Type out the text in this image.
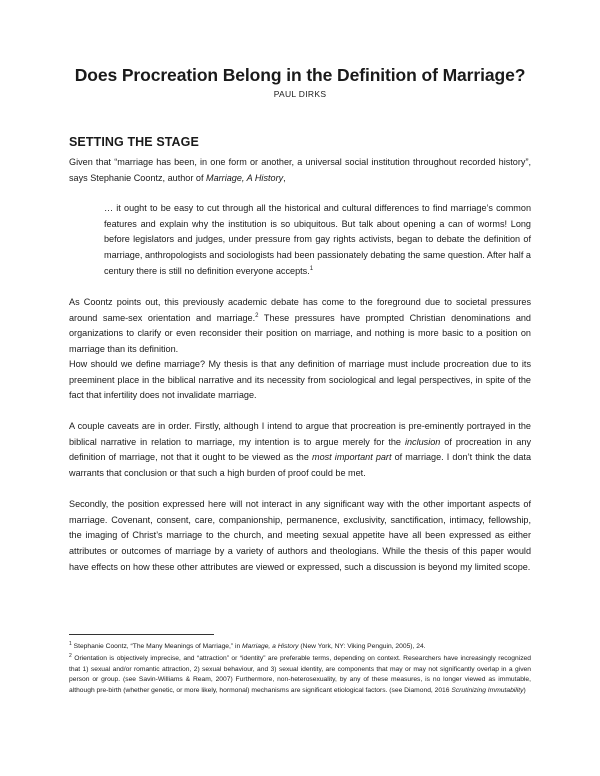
Does Procreation Belong in the Definition of Marriage?
PAUL DIRKS
SETTING THE STAGE

Given that “marriage has been, in one form or another, a universal social institution throughout recorded history”, says Stephanie Coontz, author of Marriage, A History,

… it ought to be easy to cut through all the historical and cultural differences to find marriage’s common features and explain why the institution is so ubiquitous. But talk about opening a can of worms! Long before legislators and judges, under pressure from gay rights activists, began to debate the definition of marriage, anthropologists and sociologists had been passionately debating the same question. After half a century there is still no definition everyone accepts.$^1$

As Coontz points out, this previously academic debate has come to the foreground due to societal pressures around same-sex orientation and marriage.$^2$ These pressures have prompted Christian denominations and organizations to clarify or even reconsider their position on marriage, and nothing is more basic to a position on marriage than its definition.

How should we define marriage? My thesis is that any definition of marriage must include procreation due to its preeminent place in the biblical narrative and its necessity from sociological and legal perspectives, in spite of the fact that infertility does not invalidate marriage.

A couple caveats are in order. Firstly, although I intend to argue that procreation is pre-eminently portrayed in the biblical narrative in relation to marriage, my intention is to argue merely for the inclusion of procreation in any definition of marriage, not that it ought to be viewed as the most important part of marriage. I don’t think the data warrants that conclusion or that such a high burden of proof could be met.

Secondly, the position expressed here will not interact in any significant way with the other important aspects of marriage. Covenant, consent, care, companionship, permanence, exclusivity, sanctification, intimacy, fellowship, the imaging of Christ’s marriage to the church, and meeting sexual appetite have all been expressed as either attributes or outcomes of marriage by a variety of authors and theologians. While the thesis of this paper would have effects on how these other attributes are viewed or expressed, such a discussion is beyond my limited scope.

$^1$ Stephanie Coontz, “The Many Meanings of Marriage,” in Marriage, a History (New York, NY: Viking Penguin, 2005), 24.

$^2$ Orientation is objectively imprecise, and “attraction” or “identity” are preferable terms, depending on context. Researchers have increasingly recognized that 1) sexual and/or romantic attraction, 2) sexual behaviour, and 3) sexual identity, are components that may or may not significantly overlap in a given person or group. (see Savin-Williams & Ream, 2007) Furthermore, non-heterosexuality, by any of these measures, is no longer viewed as immutable, although pre-birth (whether genetic, or more likely, hormonal) mechanisms are significant etiological factors. (see Diamond, 2016 Scrutinizing Immutability)
